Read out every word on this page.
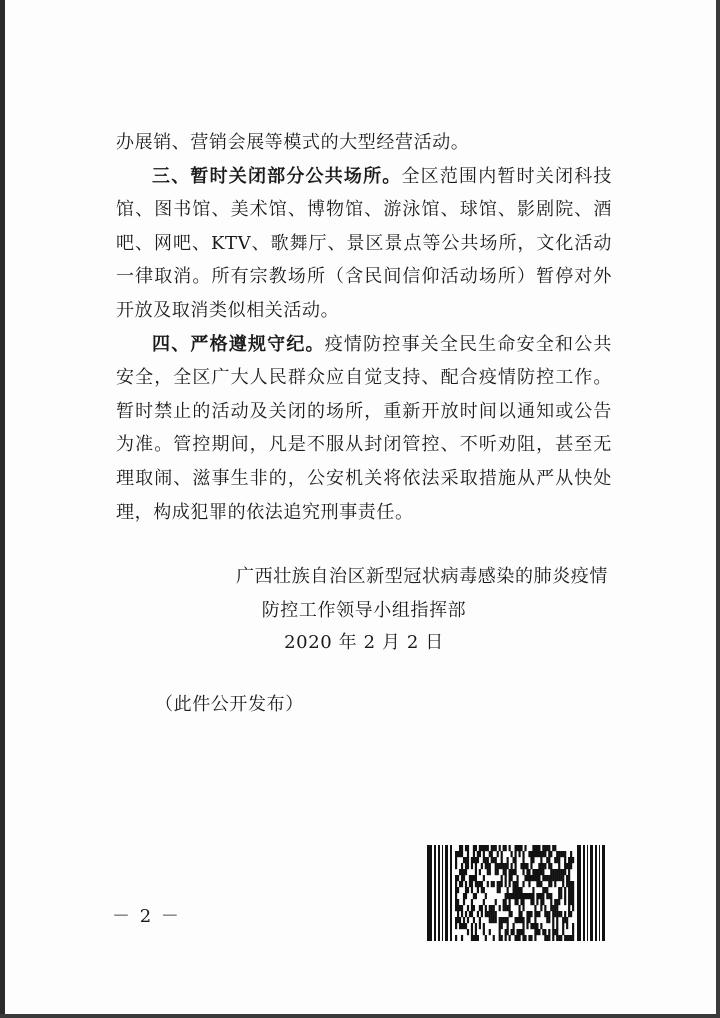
办展销、营销会展等模式的大型经营活动。

三、暂时关闭部分公共场所。全区范围内暂时关闭科技馆、图书馆、美术馆、博物馆、游泳馆、球馆、影剧院、酒吧、网吧、KTV、歌舞厅、景区景点等公共场所，文化活动一律取消。所有宗教场所（含民间信仰活动场所）暂停对外开放及取消类似相关活动。

四、严格遵规守纪。疫情防控事关全民生命安全和公共安全，全区广大人民群众应自觉支持、配合疫情防控工作。暂时禁止的活动及关闭的场所，重新开放时间以通知或公告为准。管控期间，凡是不服从封闭管控、不听劝阻，甚至无理取闹、滋事生非的，公安机关将依法采取措施从严从快处理，构成犯罪的依法追究刑事责任。

广西壮族自治区新型冠状病毒感染的肺炎疫情
防控工作领导小组指挥部
2020 年 2 月 2 日
（此件公开发布）
－ 2 －
